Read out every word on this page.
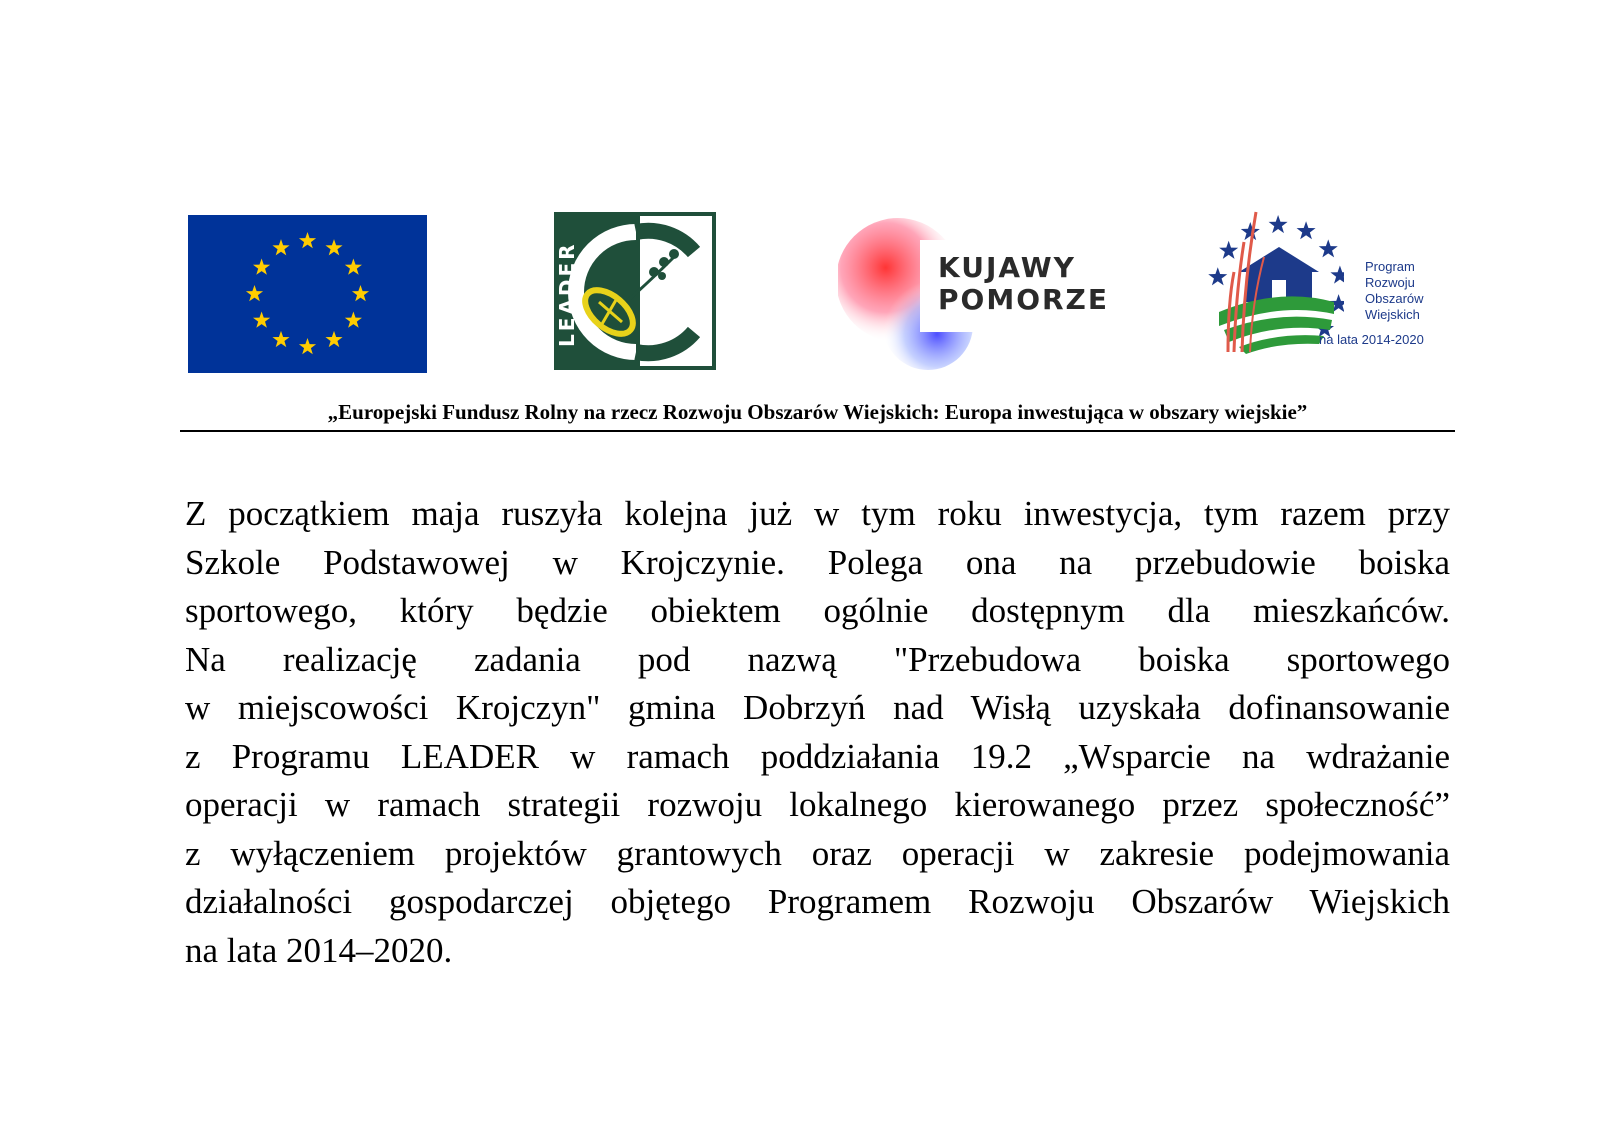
LEADER	KUJAWY
POMORZE
Program
Rozwoju
Obszarów
Wiejskich
na lata 2014-2020
„Europejski Fundusz Rolny na rzecz Rozwoju Obszarów Wiejskich: Europa inwestująca w obszary wiejskie”
Z początkiem maja ruszyła kolejna już w tym roku inwestycja, tym razem przy
Szkole Podstawowej w Krojczynie. Polega ona na przebudowie boiska
sportowego, który będzie obiektem ogólnie dostępnym dla mieszkańców.
Na realizację zadania pod nazwą "Przebudowa boiska sportowego
w miejscowości Krojczyn" gmina Dobrzyń nad Wisłą uzyskała dofinansowanie
z Programu LEADER w ramach poddziałania 19.2 „Wsparcie na wdrażanie
operacji w ramach strategii rozwoju lokalnego kierowanego przez społeczność”
z wyłączeniem projektów grantowych oraz operacji w zakresie podejmowania
działalności gospodarczej objętego Programem Rozwoju Obszarów Wiejskich
na lata 2014–2020.
